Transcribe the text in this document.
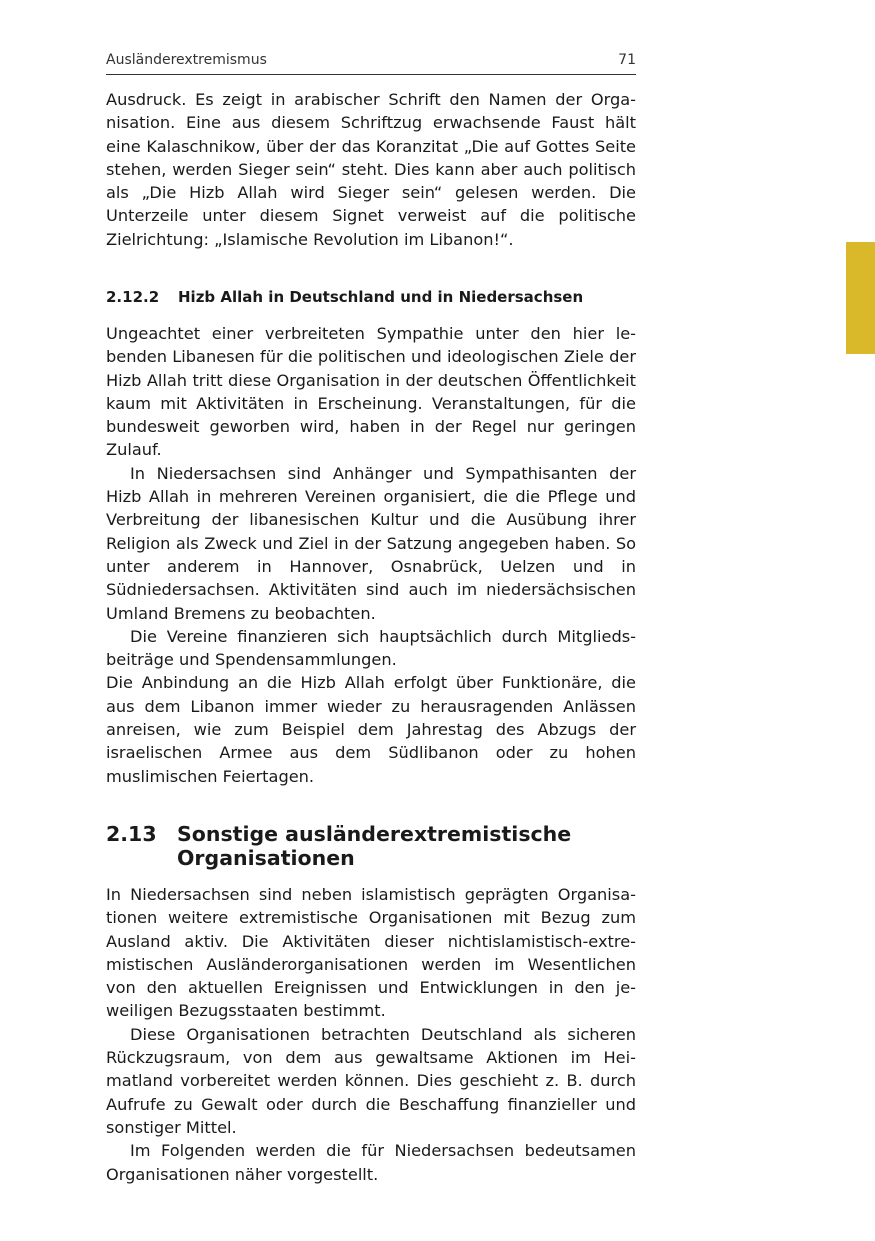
Ausländerextremismus	71

Ausdruck. Es zeigt in arabischer Schrift den Namen der Organisation. Eine aus diesem Schriftzug erwachsende Faust hält eine Kalaschnikow, über der das Koranzitat „Die auf Gottes Seite stehen, werden Sieger sein“ steht. Dies kann aber auch politisch als „Die Hizb Allah wird Sieger sein“ gelesen werden. Die Unterzeile unter diesem Signet verweist auf die politische Zielrichtung: „Islamische Revolution im Libanon!“.

2.12.2 Hizb Allah in Deutschland und in Niedersachsen

Ungeachtet einer verbreiteten Sympathie unter den hier lebenden Libanesen für die politischen und ideologischen Ziele der Hizb Allah tritt diese Organisation in der deutschen Öffentlichkeit kaum mit Aktivitäten in Erscheinung. Veranstaltungen, für die bundesweit geworben wird, haben in der Regel nur geringen Zulauf.

In Niedersachsen sind Anhänger und Sympathisanten der Hizb Allah in mehreren Vereinen organisiert, die die Pflege und Verbreitung der libanesischen Kultur und die Ausübung ihrer Religion als Zweck und Ziel in der Satzung angegeben haben. So unter anderem in Hannover, Osnabrück, Uelzen und in Südniedersachsen. Aktivitäten sind auch im niedersächsischen Umland Bremens zu beobachten.

Die Vereine finanzieren sich hauptsächlich durch Mitgliedsbeiträge und Spendensammlungen.

Die Anbindung an die Hizb Allah erfolgt über Funktionäre, die aus dem Libanon immer wieder zu herausragenden Anlässen anreisen, wie zum Beispiel dem Jahrestag des Abzugs der israelischen Armee aus dem Südlibanon oder zu hohen muslimischen Feiertagen.

2.13 Sonstige ausländerextremistische Organisationen

In Niedersachsen sind neben islamistisch geprägten Organisationen weitere extremistische Organisationen mit Bezug zum Ausland aktiv. Die Aktivitäten dieser nichtislamistisch-extremistischen Ausländerorganisationen werden im Wesentlichen von den aktuellen Ereignissen und Entwicklungen in den jeweiligen Bezugsstaaten bestimmt.

Diese Organisationen betrachten Deutschland als sicheren Rückzugsraum, von dem aus gewaltsame Aktionen im Heimatland vorbereitet werden können. Dies geschieht z. B. durch Aufrufe zu Gewalt oder durch die Beschaffung finanzieller und sonstiger Mittel.

Im Folgenden werden die für Niedersachsen bedeutsamen Organisationen näher vorgestellt.
